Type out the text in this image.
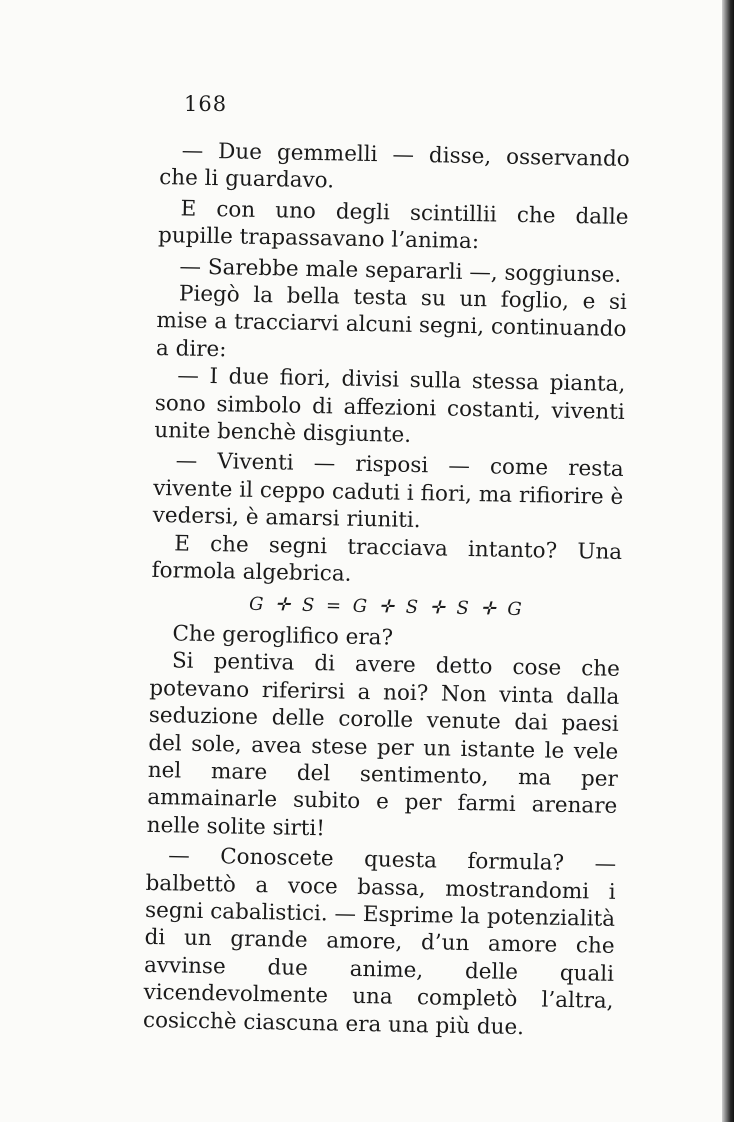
168

— Due gemmelli — disse, osservando che li guardavo.

E con uno degli scintillii che dalle pupille trapassavano l’anima:

— Sarebbe male separarli —, soggiunse.

Piegò la bella testa su un foglio, e si mise a tracciarvi alcuni segni, continuando a dire:

— I due fiori, divisi sulla stessa pianta, sono simbolo di affezioni costanti, viventi unite benchè disgiunte.

— Viventi — risposi — come resta vivente il ceppo caduti i fiori, ma rifiorire è vedersi, è amarsi riuniti.

E che segni tracciava intanto? Una formola algebrica.

G ✛ S = G ✛ S ✛ S ✛ G

Che geroglifico era?

Si pentiva di avere detto cose che potevano riferirsi a noi? Non vinta dalla seduzione delle corolle venute dai paesi del sole, avea stese per un istante le vele nel mare del sentimento, ma per ammainarle subito e per farmi arenare nelle solite sirti!

— Conoscete questa formula? — balbettò a voce bassa, mostrandomi i segni cabalistici. — Esprime la potenzialità di un grande amore, d’un amore che avvinse due anime, delle quali vicendevolmente una completò l’altra, cosicchè ciascuna era una più due.
